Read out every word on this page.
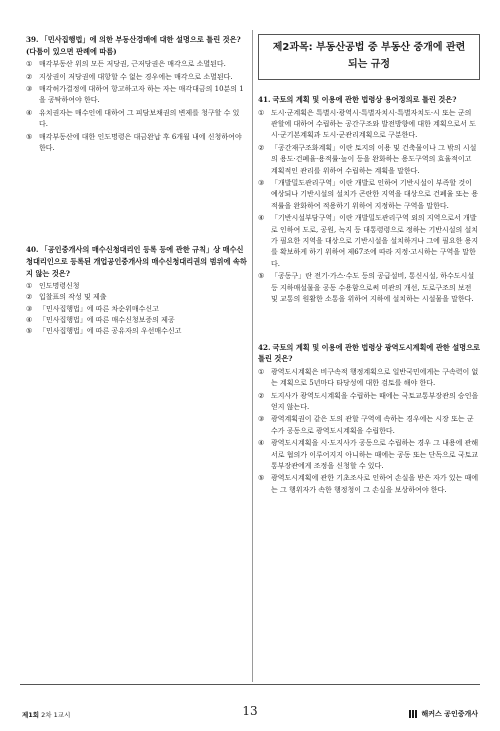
39. 「민사집행법」에 의한 부동산경매에 대한 설명으로 틀린 것은? (다툼이 있으면 판례에 따름)
① 매각부동산 위의 모든 저당권, 근저당권은 매각으로 소멸된다.
② 지상권이 저당권에 대항할 수 없는 경우에는 매각으로 소멸된다.
③ 매각허가결정에 대하여 항고하고자 하는 자는 매각대금의 10분의 1을 공탁하여야 한다.
④ 유치권자는 매수인에 대하여 그 피담보채권의 변제를 청구할 수 있다.
⑤ 매각부동산에 대한 인도명령은 대금완납 후 6개월 내에 신청하여야 한다.
40. 「공인중개사의 매수신청대리인 등록 등에 관한 규칙」상 매수신청대리인으로 등록된 개업공인중개사의 매수신청대리권의 범위에 속하지 않는 것은?
① 인도명령신청
② 입찰표의 작성 및 제출
③ 「민사집행법」에 따른 차순위매수신고
④ 「민사집행법」에 따른 매수신청보증의 제공
⑤ 「민사집행법」에 따른 공유자의 우선매수신고
제2과목: 부동산공법 중 부동산 중개에 관련
되는 규정
41. 국토의 계획 및 이용에 관한 법령상 용어정의로 틀린 것은?
① 도시·군계획은 특별시·광역시·특별자치시·특별자치도·시 또는 군의 관할에 대하여 수립하는 공간구조와 발전방향에 대한 계획으로서 도시·군기본계획과 도시·군관리계획으로 구분한다.
② 「공간재구조화계획」이란 토지의 이용 및 건축물이나 그 밖의 시설의 용도·건폐율·용적률·높이 등을 완화하는 용도구역의 효율적이고 계획적인 관리를 위하여 수립하는 계획을 말한다.
③ 「개발밀도관리구역」이란 개발로 인하여 기반시설이 부족할 것이 예상되나 기반시설의 설치가 곤란한 지역을 대상으로 건폐율 또는 용적률을 완화하여 적용하기 위하여 지정하는 구역을 말한다.
④ 「기반시설부담구역」이란 개발밀도관리구역 외의 지역으로서 개발로 인하여 도로, 공원, 녹지 등 대통령령으로 정하는 기반시설의 설치가 필요한 지역을 대상으로 기반시설을 설치하거나 그에 필요한 용지를 확보하게 하기 위하여 제67조에 따라 지정·고시하는 구역을 말한다.
⑤ 「공동구」란 전기·가스·수도 등의 공급설비, 통신시설, 하수도시설 등 지하매설물을 공동 수용함으로써 미관의 개선, 도로구조의 보전 및 교통의 원활한 소통을 위하여 지하에 설치하는 시설물을 말한다.
42. 국토의 계획 및 이용에 관한 법령상 광역도시계획에 관한 설명으로 틀린 것은?
① 광역도시계획은 비구속적 행정계획으로 일반국민에게는 구속력이 없는 계획으로 5년마다 타당성에 대한 검토를 해야 한다.
② 도지사가 광역도시계획을 수립하는 때에는 국토교통부장관의 승인을 얻지 않는다.
③ 광역계획권이 같은 도의 관할 구역에 속하는 경우에는 시장 또는 군수가 공동으로 광역도시계획을 수립한다.
④ 광역도시계획을 시·도지사가 공동으로 수립하는 경우 그 내용에 관해 서로 협의가 이루어지지 아니하는 때에는 공동 또는 단독으로 국토교통부장관에게 조정을 신청할 수 있다.
⑤ 광역도시계획에 관한 기초조사로 인하여 손실을 받은 자가 있는 때에는 그 행위자가 속한 행정청이 그 손실을 보상하여야 한다.
제1회 2차 1교시	13	해커스 공인중개사
